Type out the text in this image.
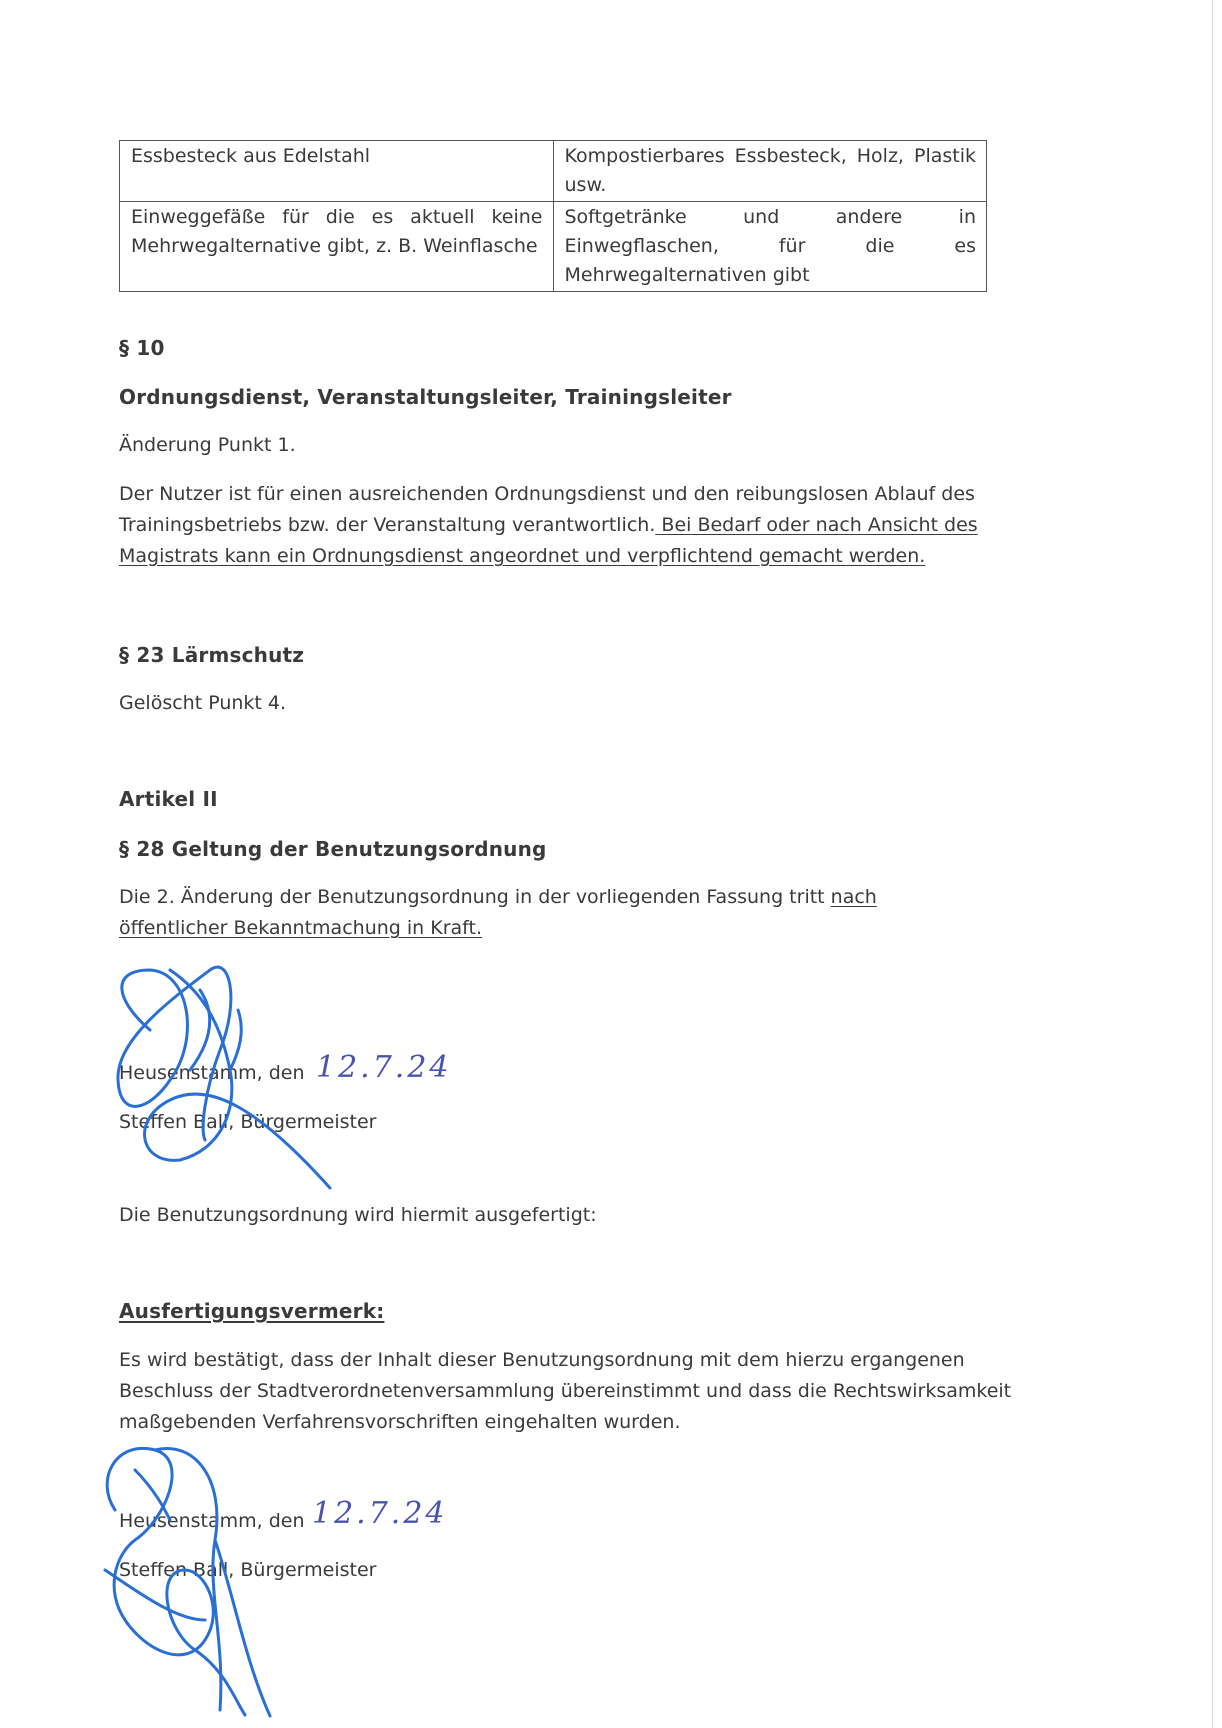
Essbesteck aus Edelstahl	Kompostierbares Essbesteck, Holz, Plastik usw.
Einweggefäße für die es aktuell keine Mehrwegalternative gibt, z. B. Weinflasche	Softgetränke und andere in Einwegflaschen, für die es Mehrwegalternativen gibt
§ 10
Ordnungsdienst, Veranstaltungsleiter, Trainingsleiter
Änderung Punkt 1.
Der Nutzer ist für einen ausreichenden Ordnungsdienst und den reibungslosen Ablauf des Trainingsbetriebs bzw. der Veranstaltung verantwortlich. Bei Bedarf oder nach Ansicht des Magistrats kann ein Ordnungsdienst angeordnet und verpflichtend gemacht werden.
§ 23 Lärmschutz
Gelöscht Punkt 4.
Artikel II
§ 28 Geltung der Benutzungsordnung
Die 2. Änderung der Benutzungsordnung in der vorliegenden Fassung tritt nach öffentlicher Bekanntmachung in Kraft.
Heusenstamm, den 12.7.24
Steffen Ball, Bürgermeister
Die Benutzungsordnung wird hiermit ausgefertigt:
Ausfertigungsvermerk:
Es wird bestätigt, dass der Inhalt dieser Benutzungsordnung mit dem hierzu ergangenen Beschluss der Stadtverordnetenversammlung übereinstimmt und dass die Rechtswirksamkeit maßgebenden Verfahrensvorschriften eingehalten wurden.
Heusenstamm, den 12.7.24
Steffen Ball, Bürgermeister
